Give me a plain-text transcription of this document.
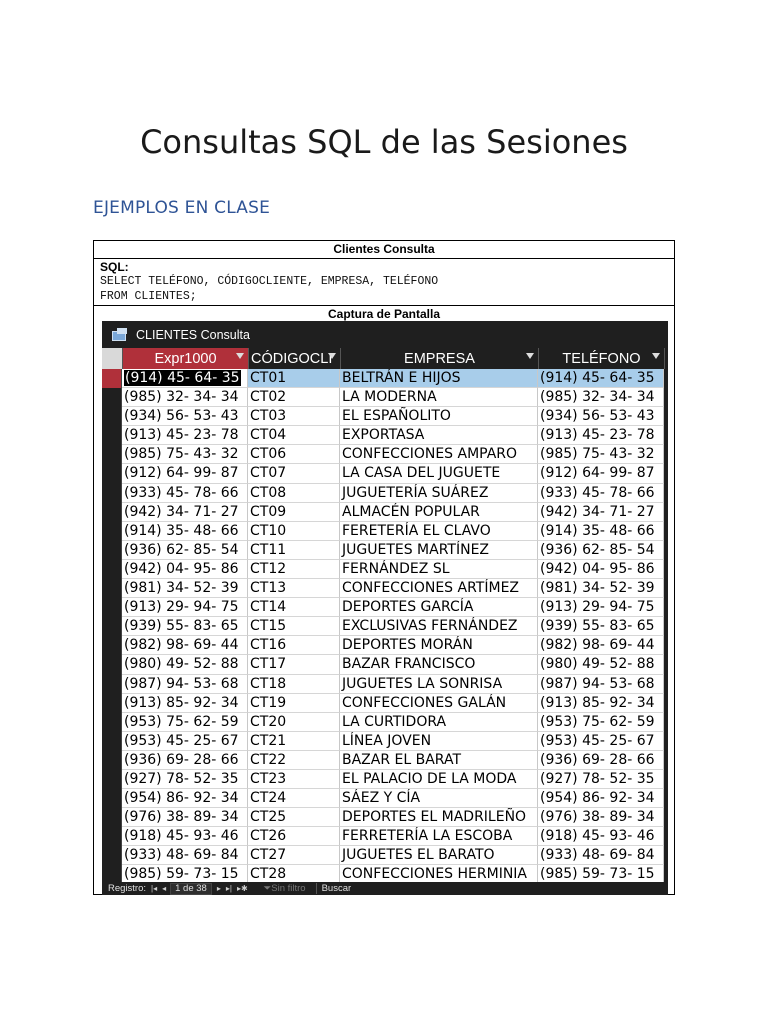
Consultas SQL de las Sesiones
EJEMPLOS EN CLASE
Clientes Consulta
SQL:
SELECT TELÉFONO, CÓDIGOCLIENTE, EMPRESA, TELÉFONO
FROM CLIENTES;
Captura de Pantalla
CLIENTES Consulta
Expr1000 CÓDIGOCLI	EMPRESA	TELÉFONO
(914) 45- 64- 35 CT01	BELTRÁN E HIJOS	(914) 45- 64- 35
(985) 32- 34- 34 CT02	LA MODERNA	(985) 32- 34- 34
(934) 56- 53- 43 CT03	EL ESPAÑOLITO	(934) 56- 53- 43
(913) 45- 23- 78 CT04	EXPORTASA	(913) 45- 23- 78
(985) 75- 43- 32 CT06	CONFECCIONES AMPARO	(985) 75- 43- 32
(912) 64- 99- 87 CT07	LA CASA DEL JUGUETE	(912) 64- 99- 87
(933) 45- 78- 66 CT08	JUGUETERÍA SUÁREZ	(933) 45- 78- 66
(942) 34- 71- 27 CT09	ALMACÉN POPULAR	(942) 34- 71- 27
(914) 35- 48- 66 CT10	FERETERÍA EL CLAVO	(914) 35- 48- 66
(936) 62- 85- 54 CT11	JUGUETES MARTÍNEZ	(936) 62- 85- 54
(942) 04- 95- 86 CT12	FERNÁNDEZ SL	(942) 04- 95- 86
(981) 34- 52- 39 CT13	CONFECCIONES ARTÍMEZ	(981) 34- 52- 39
(913) 29- 94- 75 CT14	DEPORTES GARCÍA	(913) 29- 94- 75
(939) 55- 83- 65 CT15	EXCLUSIVAS FERNÁNDEZ	(939) 55- 83- 65
(982) 98- 69- 44 CT16	DEPORTES MORÁN	(982) 98- 69- 44
(980) 49- 52- 88 CT17	BAZAR FRANCISCO	(980) 49- 52- 88
(987) 94- 53- 68 CT18	JUGUETES LA SONRISA	(987) 94- 53- 68
(913) 85- 92- 34 CT19	CONFECCIONES GALÁN	(913) 85- 92- 34
(953) 75- 62- 59 CT20	LA CURTIDORA	(953) 75- 62- 59
(953) 45- 25- 67 CT21	LÍNEA JOVEN	(953) 45- 25- 67
(936) 69- 28- 66 CT22	BAZAR EL BARAT	(936) 69- 28- 66
(927) 78- 52- 35 CT23	EL PALACIO DE LA MODA	(927) 78- 52- 35
(954) 86- 92- 34 CT24	SÁEZ Y CÍA	(954) 86- 92- 34
(976) 38- 89- 34 CT25	DEPORTES EL MADRILEÑO (976) 38- 89- 34
(918) 45- 93- 46 CT26	FERRETERÍA LA ESCOBA	(918) 45- 93- 46
(933) 48- 69- 84 CT27	JUGUETES EL BARATO	(933) 48- 69- 84
(985) 59- 73- 15 CT28	CONFECCIONES HERMINIA (985) 59- 73- 15
Registro: |◂ ◂ 1 de 38	▸ ▸| ▸✱ ⏷Sin filtro	Buscar
